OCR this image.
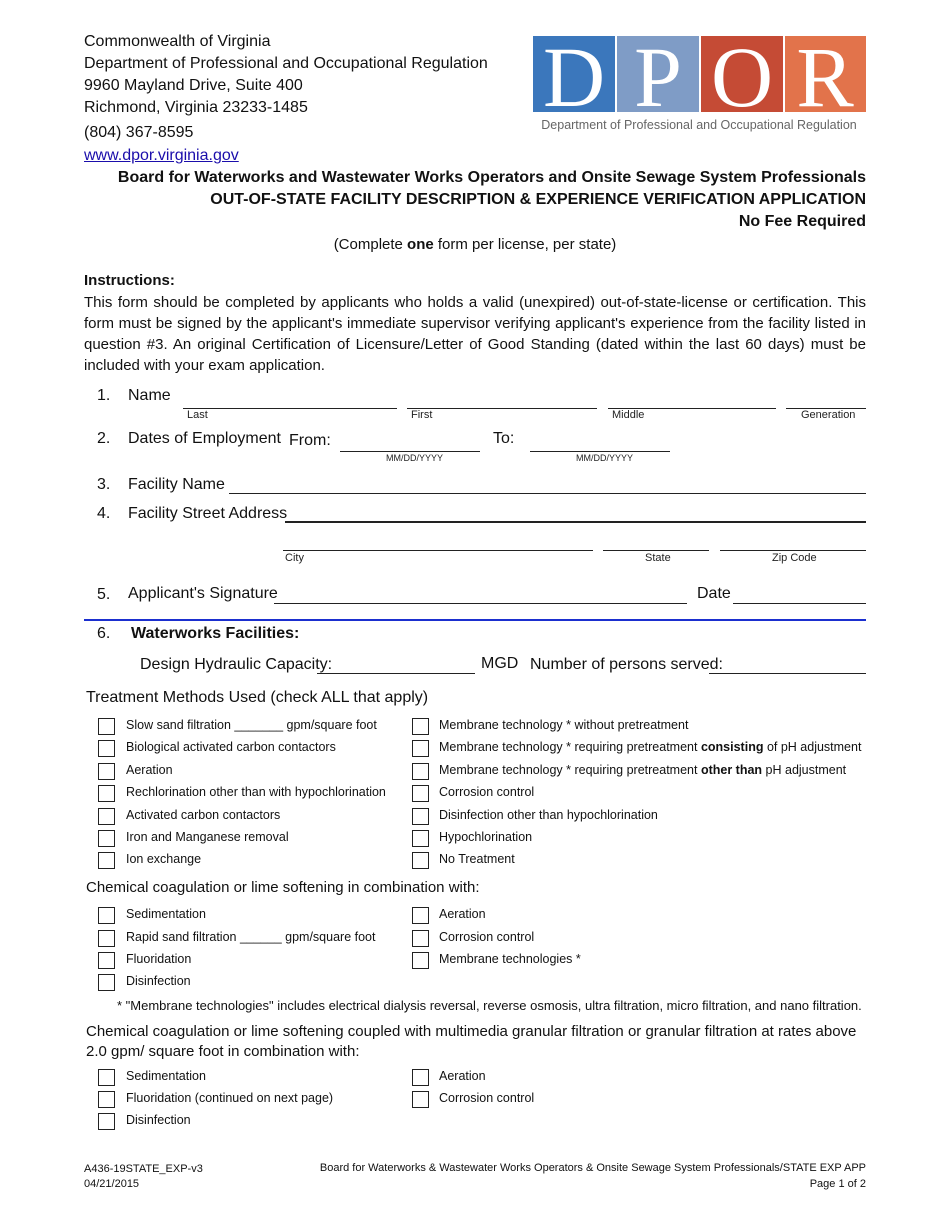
Commonwealth of Virginia
Department of Professional and Occupational Regulation
9960 Mayland Drive, Suite 400
Richmond, Virginia 23233-1485
(804) 367-8595
www.dpor.virginia.gov
D P O R
Department of Professional and Occupational Regulation
Board for Waterworks and Wastewater Works Operators and Onsite Sewage System Professionals
OUT-OF-STATE FACILITY DESCRIPTION & EXPERIENCE VERIFICATION APPLICATION
No Fee Required
(Complete one form per license, per state)
Instructions:
This form should be completed by applicants who holds a valid (unexpired) out-of-state-license or certification. This form must be signed by the applicant's immediate supervisor verifying applicant's experience from the facility listed in question #3. An original Certification of Licensure/Letter of Good Standing (dated within the last 60 days) must be included with your exam application.
1. Name
Last	First	Middle	Generation
2. Dates of Employment From:
MM/DD/YYYY
To:
MM/DD/YYYY
3. Facility Name
4. Facility Street Address
City	State	Zip Code
5. Applicant's Signature	Date
6. Waterworks Facilities:
Design Hydraulic Capacity:	MGD Number of persons served:
Treatment Methods Used (check ALL that apply)
Slow sand filtration _______ gpm/square foot
Biological activated carbon contactors
Aeration
Rechlorination other than with hypochlorination
Activated carbon contactors
Iron and Manganese removal
Ion exchange
Membrane technology * without pretreatment
Membrane technology * requiring pretreatment consisting of pH adjustment
Membrane technology * requiring pretreatment other than pH adjustment
Corrosion control
Disinfection other than hypochlorination
Hypochlorination
No Treatment
Chemical coagulation or lime softening in combination with:
Sedimentation
Rapid sand filtration ______ gpm/square foot
Fluoridation
Disinfection
Aeration
Corrosion control
Membrane technologies *
* "Membrane technologies" includes electrical dialysis reversal, reverse osmosis, ultra filtration, micro filtration, and nano filtration.
Chemical coagulation or lime softening coupled with multimedia granular filtration or granular filtration at rates above 2.0 gpm/ square foot in combination with:
Sedimentation
Fluoridation (continued on next page)
Disinfection
Aeration
Corrosion control
A436-19STATE_EXP-v3
04/21/2015
Board for Waterworks & Wastewater Works Operators & Onsite Sewage System Professionals/STATE EXP APP
Page 1 of 2
